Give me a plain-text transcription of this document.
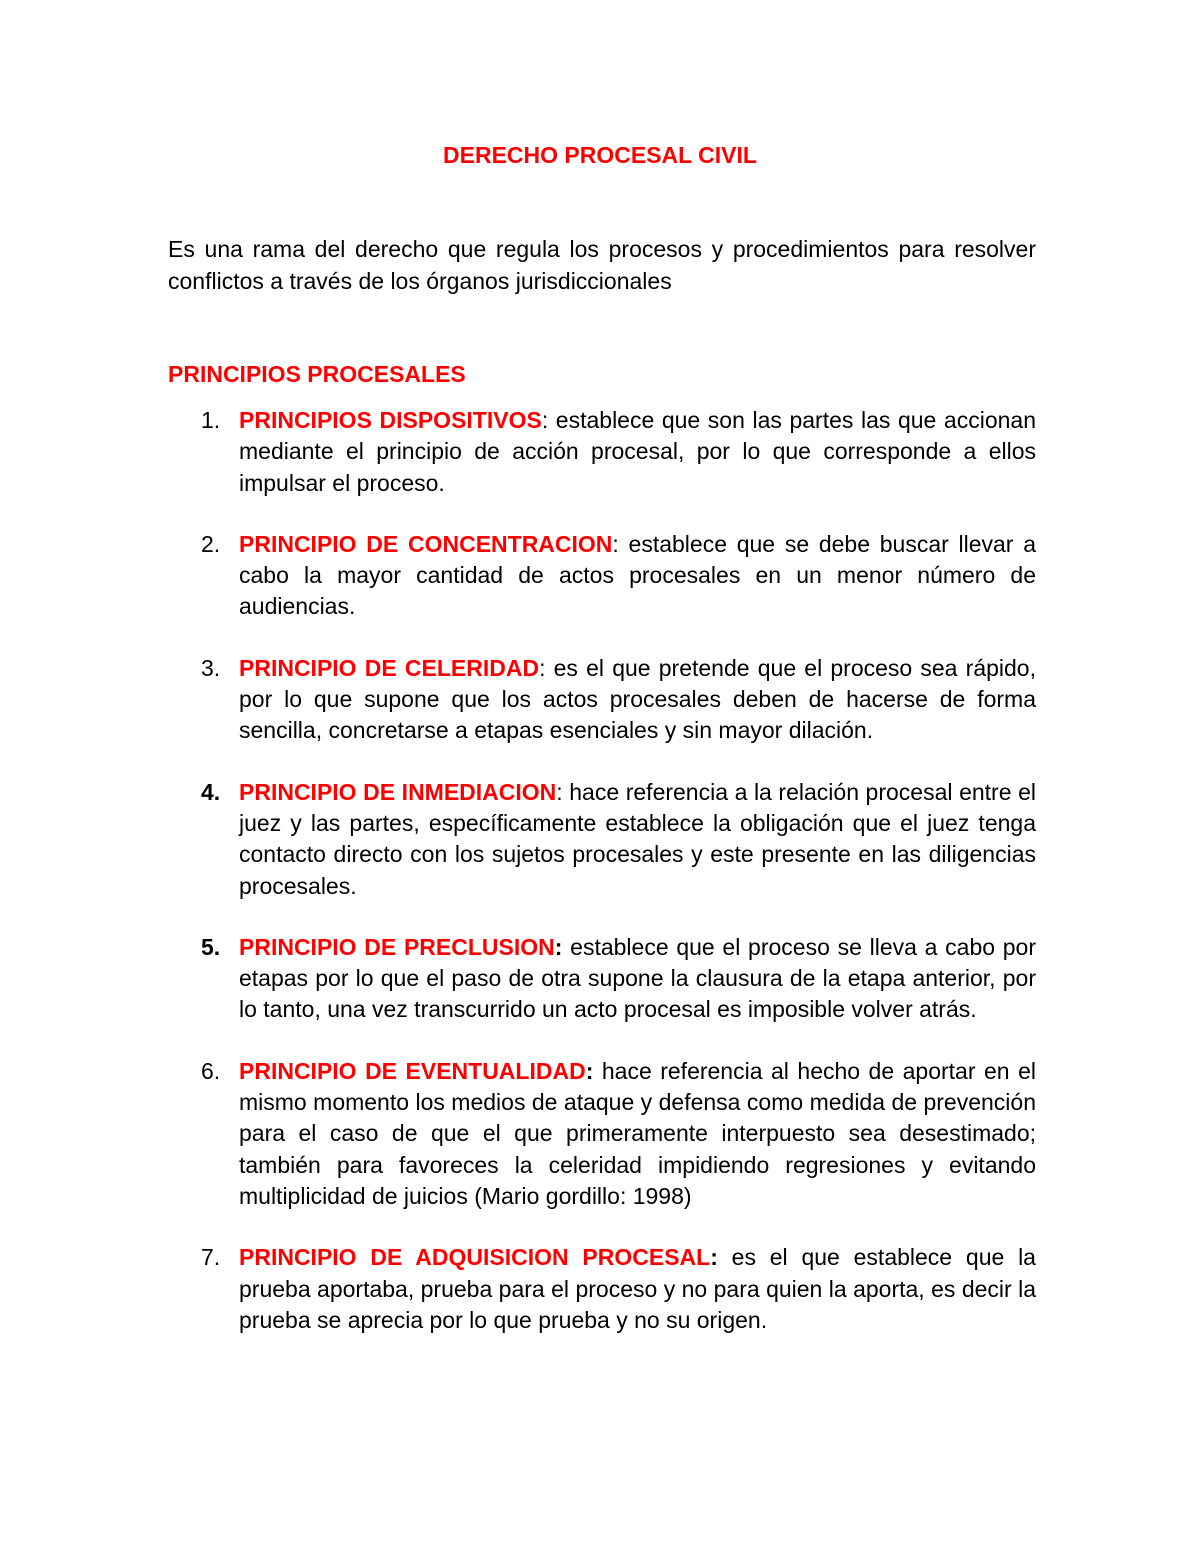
DERECHO PROCESAL CIVIL
Es una rama del derecho que regula los procesos y procedimientos para resolver conflictos a través de los órganos jurisdiccionales
PRINCIPIOS PROCESALES
1. PRINCIPIOS DISPOSITIVOS: establece que son las partes las que accionan mediante el principio de acción procesal, por lo que corresponde a ellos impulsar el proceso.
2. PRINCIPIO DE CONCENTRACION: establece que se debe buscar llevar a cabo la mayor cantidad de actos procesales en un menor número de audiencias.
3. PRINCIPIO DE CELERIDAD: es el que pretende que el proceso sea rápido, por lo que supone que los actos procesales deben de hacerse de forma sencilla, concretarse a etapas esenciales y sin mayor dilación.
4. PRINCIPIO DE INMEDIACION: hace referencia a la relación procesal entre el juez y las partes, específicamente establece la obligación que el juez tenga contacto directo con los sujetos procesales y este presente en las diligencias procesales.
5. PRINCIPIO DE PRECLUSION: establece que el proceso se lleva a cabo por etapas por lo que el paso de otra supone la clausura de la etapa anterior, por lo tanto, una vez transcurrido un acto procesal es imposible volver atrás.
6. PRINCIPIO DE EVENTUALIDAD: hace referencia al hecho de aportar en el mismo momento los medios de ataque y defensa como medida de prevención para el caso de que el que primeramente interpuesto sea desestimado; también para favoreces la celeridad impidiendo regresiones y evitando multiplicidad de juicios (Mario gordillo: 1998)
7. PRINCIPIO DE ADQUISICION PROCESAL: es el que establece que la prueba aportaba, prueba para el proceso y no para quien la aporta, es decir la prueba se aprecia por lo que prueba y no su origen.
